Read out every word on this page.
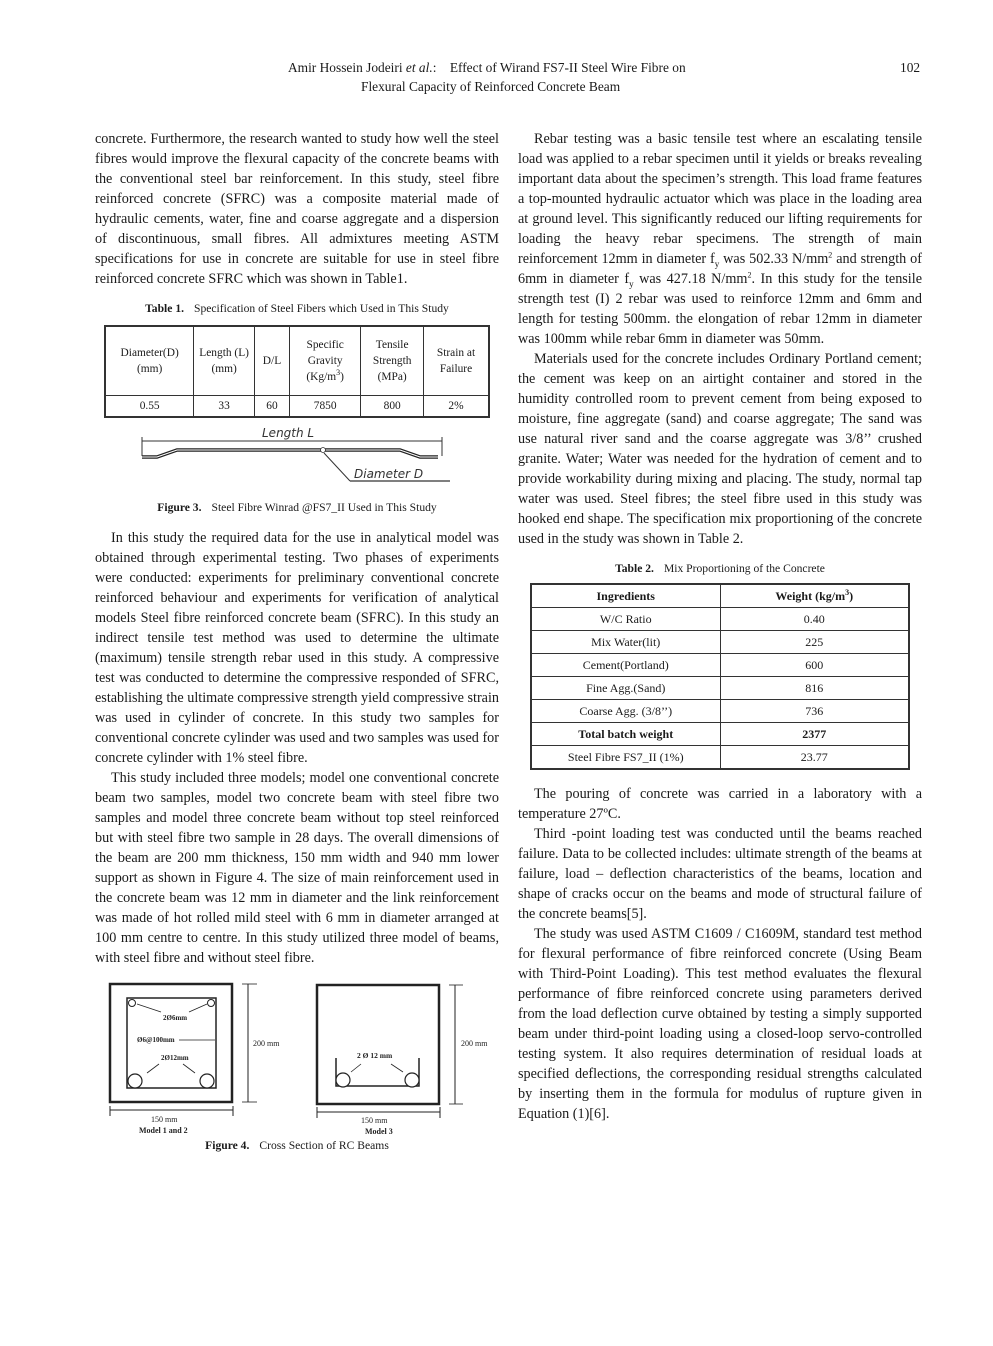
Amir Hossein Jodeiri et al.: Effect of Wirand FS7-II Steel Wire Fibre on
Flexural Capacity of Reinforced Concrete Beam
102

concrete. Furthermore, the research wanted to study how well the steel fibres would improve the flexural capacity of the concrete beams with the conventional steel bar reinforcement. In this study, steel fibre reinforced concrete (SFRC) was a composite material made of hydraulic cements, water, fine and coarse aggregate and a dispersion of discontinuous, small fibres. All admixtures meeting ASTM specifications for use in concrete are suitable for use in steel fibre reinforced concrete SFRC which was shown in Table1.

Table 1. Specification of Steel Fibers which Used in This Study
Diameter(D) (mm)	Length (L)(mm)	D/L	Specific Gravity $(Kg/m^3)$	Tensile Strength (MPa)	Strain at Failure
0.55	33	60	7850	800	2%
Length L
Diameter D
Figure 3. Steel Fibre Winrad @FS7_II Used in This Study

In this study the required data for the use in analytical model was obtained through experimental testing. Two phases of experiments were conducted: experiments for preliminary conventional concrete reinforced behaviour and experiments for verification of analytical models Steel fibre reinforced concrete beam (SFRC). In this study an indirect tensile test method was used to determine the ultimate (maximum) tensile strength rebar used in this study. A compressive test was conducted to determine the compressive responded of SFRC, establishing the ultimate compressive strength yield compressive strain was used in cylinder of concrete. In this study two samples for conventional concrete cylinder was used and two samples was used for concrete cylinder with 1% steel fibre.

This study included three models; model one conventional concrete beam two samples, model two concrete beam with steel fibre two samples and model three concrete beam without top steel reinforced but with steel fibre two sample in 28 days. The overall dimensions of the beam are 200 mm thickness, 150 mm width and 940 mm lower support as shown in Figure 4. The size of main reinforcement used in the concrete beam was 12 mm in diameter and the link reinforcement was made of hot rolled mild steel with 6 mm in diameter arranged at 100 mm centre to centre. In this study utilized three model of beams, with steel fibre and without steel fibre.

2Ø6mm
Ø6@100mm
2Ø12mm
200 mm
150 mm
Model 1 and 2
2 Ø 12 mm
200 mm
150 mm
Model 3
Figure 4. Cross Section of RC Beams

Rebar testing was a basic tensile test where an escalating tensile load was applied to a rebar specimen until it yields or breaks revealing important data about the specimen’s strength. This load frame features a top-mounted hydraulic actuator which was place in the loading area at ground level. This significantly reduced our lifting requirements for loading the heavy rebar specimens. The strength of main reinforcement 12mm in diameter $f_y$ was 502.33 $N/mm^2$ and strength of 6mm in diameter $f_y$ was 427.18 $N/mm^2$. In this study for the tensile strength test (I) 2 rebar was used to reinforce 12mm and 6mm and length for testing 500mm. the elongation of rebar 12mm in diameter was 100mm while rebar 6mm in diameter was 50mm.

Materials used for the concrete includes Ordinary Portland cement; the cement was keep on an airtight container and stored in the humidity controlled room to prevent cement from being exposed to moisture, fine aggregate (sand) and coarse aggregate; The sand was use natural river sand and the coarse aggregate was 3/8’’ crushed granite. Water; Water was needed for the hydration of cement and to provide workability during mixing and placing. The study, normal tap water was used. Steel fibres; the steel fibre used in this study was hooked end shape. The specification mix proportioning of the concrete used in the study was shown in Table 2.

Table 2. Mix Proportioning of the Concrete
Ingredients	Weight $(kg/m^3)$
W/C Ratio	0.40
Mix Water(lit)	225
Cement(Portland)	600
Fine Agg.(Sand)	816
Coarse Agg. (3/8’’)	736
Total batch weight	2377
Steel Fibre FS7_II (1%)	23.77

The pouring of concrete was carried in a laboratory with a temperature 27ºC.

Third -point loading test was conducted until the beams reached failure. Data to be collected includes: ultimate strength of the beams at failure, load – deflection characteristics of the beams, location and shape of cracks occur on the beams and mode of structural failure of the concrete beams[5].

The study was used ASTM C1609 / C1609M, standard test method for flexural performance of fibre reinforced concrete (Using Beam with Third-Point Loading). This test method evaluates the flexural performance of fibre reinforced concrete using parameters derived from the load deflection curve obtained by testing a simply supported beam under third-point loading using a closed-loop servo-controlled testing system. It also requires determination of residual loads at specified deflections, the corresponding residual strengths calculated by inserting them in the formula for modulus of rupture given in Equation (1)[6].
